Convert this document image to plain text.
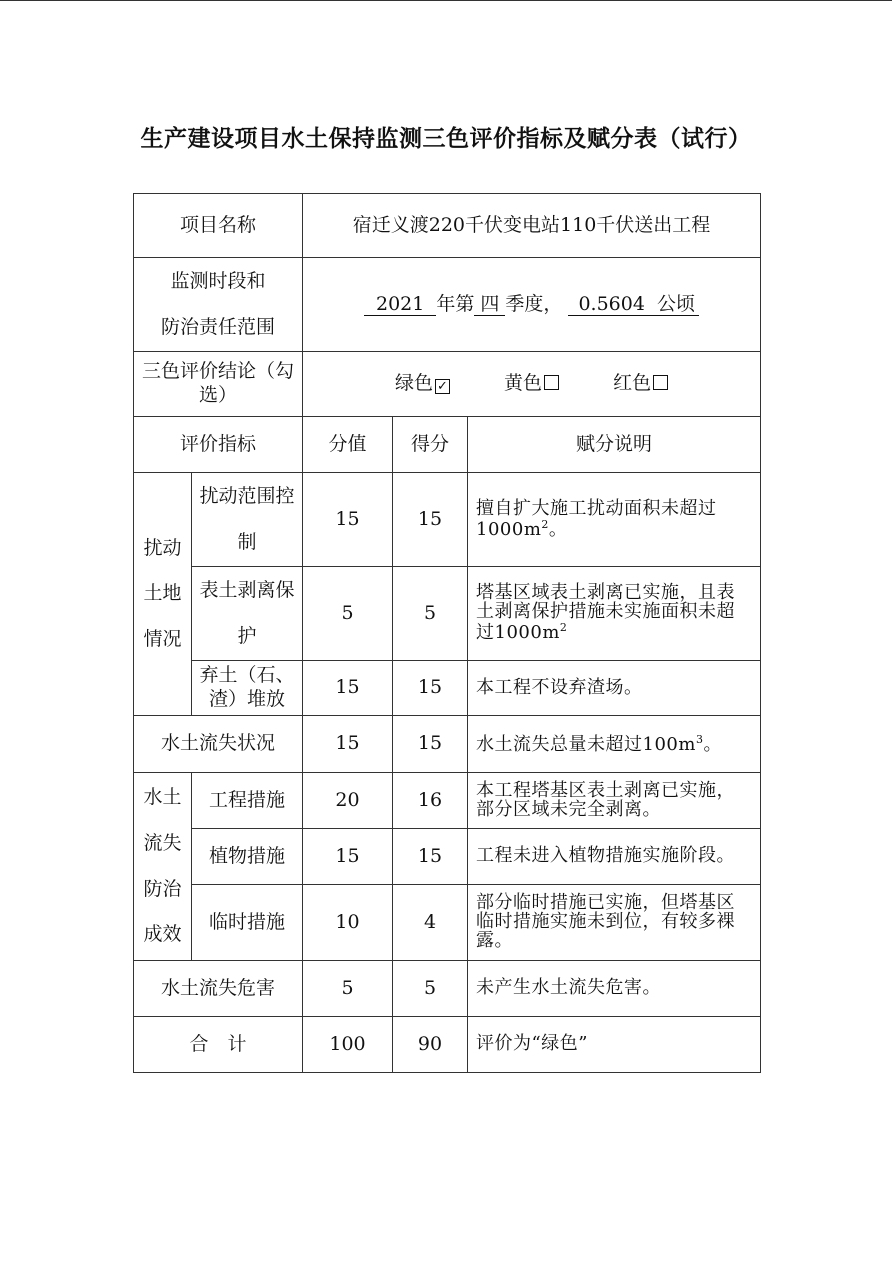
生产建设项目水土保持监测三色评价指标及赋分表（试行）
项目名称		宿迁义渡220千伏变电站110千伏送出工程		

监测时段和
防治责任范围		2021 年第 四 季度， 0.5604 公顷		
三色评价结论（勾选）		绿色 ✓ 黄色 红色		
评价指标		分值	得分	赋分说明

扰动
土地
情况	扰动范围控制	15	15	擅自扩大施工扰动面积未超过$1000m^2$。
	表土剥离保护	5	5	塔基区域表土剥离已实施，且表土剥离保护措施未实施面积未超过$1000m^2$
	弃土（石、渣）堆放	15	15	本工程不设弃渣场。
水土流失状况		15	15	水土流失总量未超过$100m^3$。

水土
流失
防治
成效	工程措施	20	16	本工程塔基区表土剥离已实施，部分区域未完全剥离。
	植物措施	15	15	工程未进入植物措施实施阶段。
	临时措施	10	4	部分临时措施已实施，但塔基区临时措施实施未到位，有较多裸露。
水土流失危害		5	5	未产生水土流失危害。
合　计		100	90	评价为“绿色”
